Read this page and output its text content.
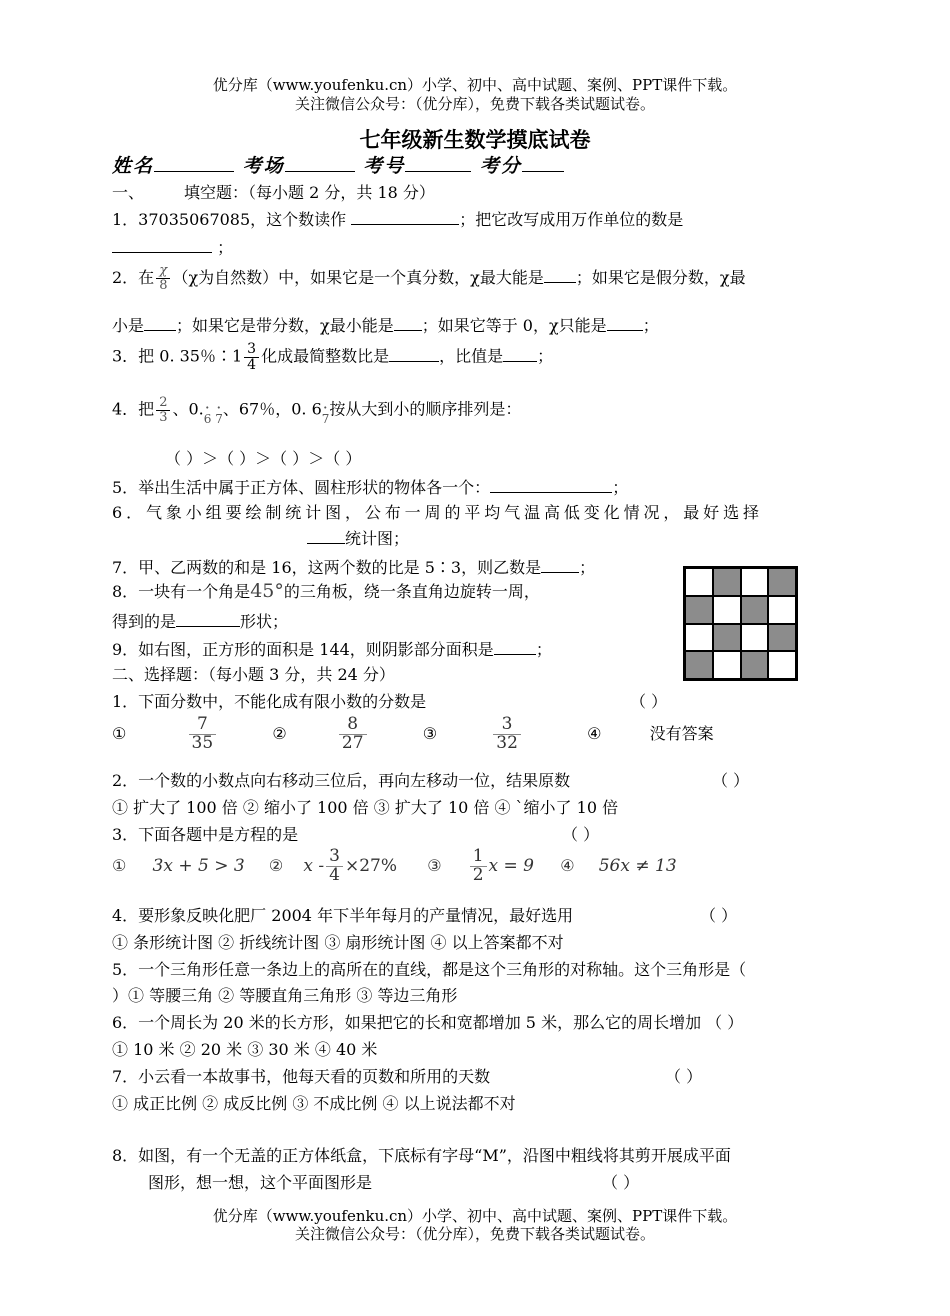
优分库（www.youfenku.cn）小学、初中、高中试题、案例、PPT课件下载。
关注微信公众号：（优分库），免费下载各类试题试卷。
七年级新生数学摸底试卷
姓名	考场	考号	考分
一、	填空题：（每小题 2 分，共 18 分）
1．37035067085，这个数读作	；把它改写成用万作单位的数是
；
2．在 $\frac{\chi}{8} (\chi$为自然数）中，如果它是一个真分数，χ最大能是 ；如果它是假分数，χ最
小是 ；如果它是带分数，χ最小能是 ；如果它等于 0，χ只能是 ；
3．把 0. 35％∶1 $\frac{3}{4}$ 化成最简整数比是	，比值是 ；
4．把 $\frac{2}{3}$ 、0.· $_{6 \cdot 7}$、67％，0. 6· $_7$按从大到小的顺序排列是：
（ ）＞（ ）＞（ ）＞（ ）
5．举出生活中属于正方体、圆柱形状的物体各一个：	；
6．气象小组要绘制统计图，公布一周的平均气温高低变化情况，最好选择
统计图；
7．甲、乙两数的和是 16，这两个数的比是 5∶3，则乙数是 ；
8．一块有一个角是45°的三角板，绕一条直角边旋转一周，
得到的是	形状；
9．如右图，正方形的面积是 144，则阴影部分面积是	；
二、选择题：（每小题 3 分，共 24 分）
1．下面分数中，不能化成有限小数的分数是	（ ）
①	$\frac{7}{35}$	②	$\frac{8}{27}$	③	$\frac{3}{32}$	④	没有答案
2．一个数的小数点向右移动三位后，再向左移动一位，结果原数	（ ）
① 扩大了 100 倍 ② 缩小了 100 倍 ③ 扩大了 10 倍 ④ `缩小了 10 倍
3．下面各题中是方程的是	（ ）
① 3x + 5 > 3 ② $x - \frac{3}{4} \times 27\%$ ③ $\frac{1}{2}$ x = 9 ④ 56x ≠ 13
4．要形象反映化肥厂 2004 年下半年每月的产量情况，最好选用	（ ）
① 条形统计图 ② 折线统计图 ③ 扇形统计图 ④ 以上答案都不对
5．一个三角形任意一条边上的高所在的直线，都是这个三角形的对称轴。这个三角形是（
）① 等腰三角 ② 等腰直角三角形 ③ 等边三角形
6．一个周长为 20 米的长方形，如果把它的长和宽都增加 5 米，那么它的周长增加 （ ）
① 10 米 ② 20 米 ③ 30 米 ④ 40 米
7．小云看一本故事书，他每天看的页数和所用的天数	（ ）
① 成正比例 ② 成反比例 ③ 不成比例 ④ 以上说法都不对
8．如图，有一个无盖的正方体纸盒，下底标有字母“M”，沿图中粗线将其剪开展成平面
图形，想一想，这个平面图形是	（ ）
优分库（www.youfenku.cn）小学、初中、高中试题、案例、PPT课件下载。
关注微信公众号：（优分库），免费下载各类试题试卷。
